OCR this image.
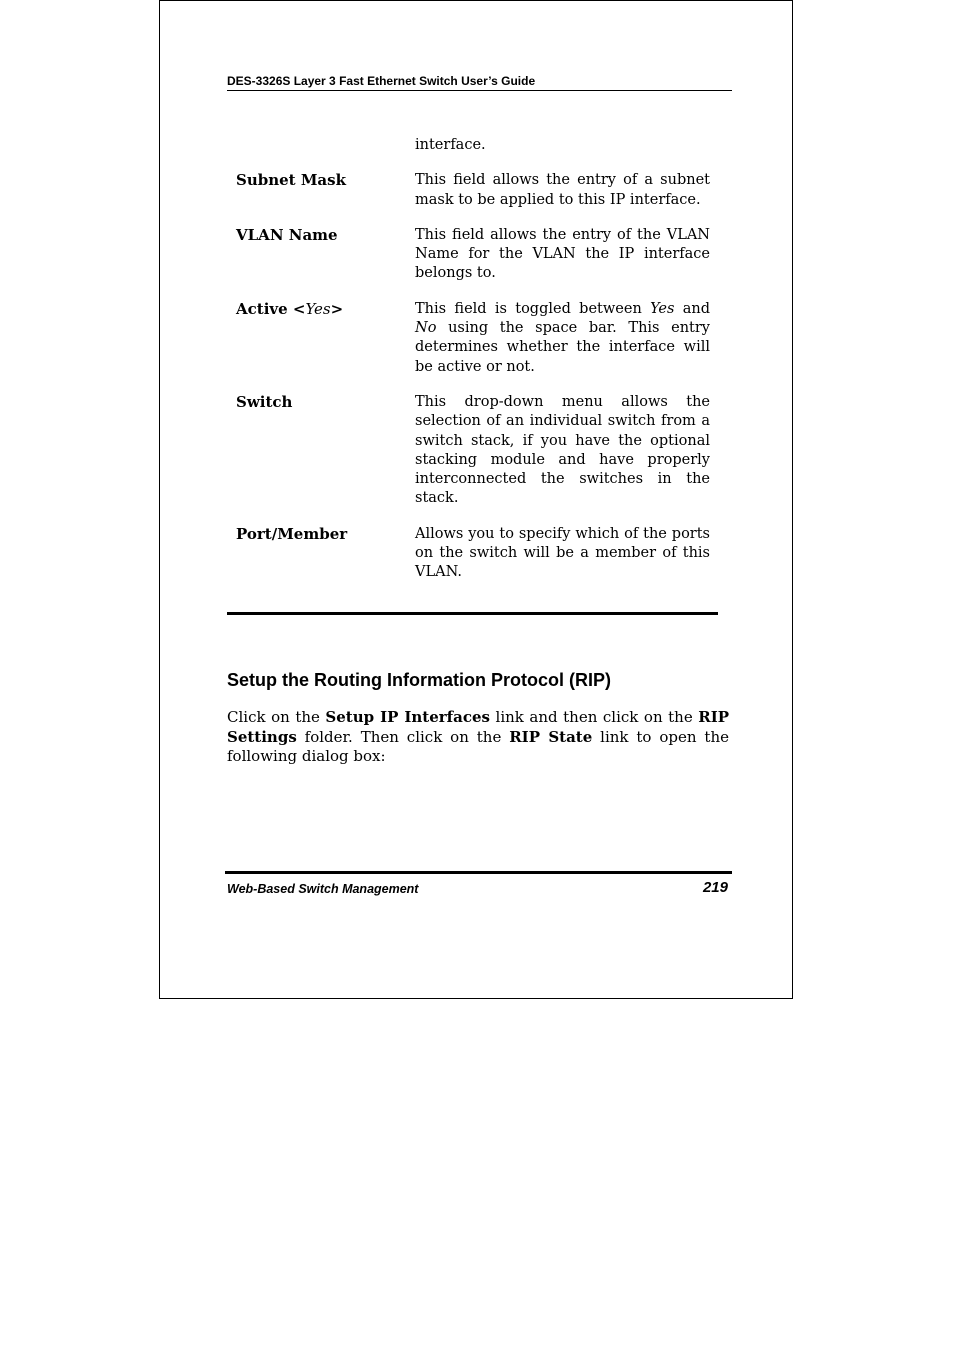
DES-3326S Layer 3 Fast Ethernet Switch User’s Guide
interface.
Subnet Mask	This field allows the entry of a subnet mask to be applied to this IP interface.
VLAN Name	This field allows the entry of the VLAN Name for the VLAN the IP interface belongs to.
Active <Yes>	This field is toggled between Yes and No using the space bar. This entry determines whether the interface will be active or not.
Switch	This drop-down menu allows the selection of an individual switch from a switch stack, if you have the optional stacking module and have properly interconnected the switches in the stack.
Port/Member	Allows you to specify which of the ports on the switch will be a member of this VLAN.
Setup the Routing Information Protocol (RIP)

Click on the Setup IP Interfaces link and then click on the RIP Settings folder. Then click on the RIP State link to open the following dialog box:

Web-Based Switch Management	219
